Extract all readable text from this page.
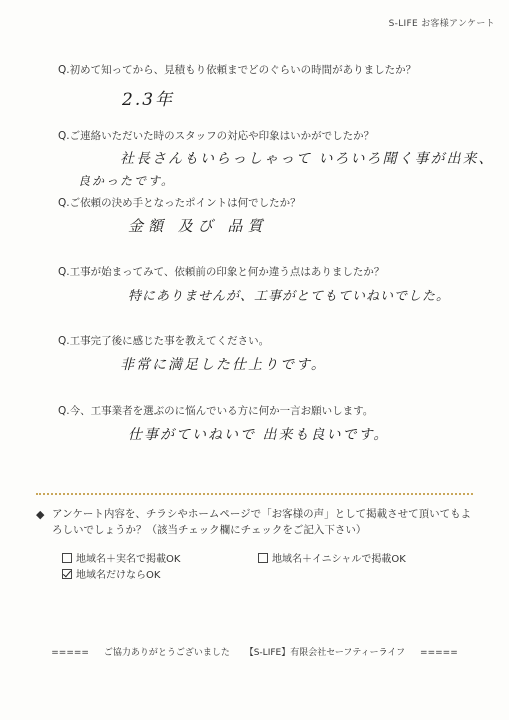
S-LIFE お客様アンケート
Q.初めて知ってから、見積もり依頼までどのぐらいの時間がありましたか？
2.3年
Q.ご連絡いただいた時のスタッフの対応や印象はいかがでしたか？
社長さんもいらっしゃって いろいろ聞く事が出来、
良かったです。
Q.ご依頼の決め手となったポイントは何でしたか？
金額 及び 品質
Q.工事が始まってみて、依頼前の印象と何か違う点はありましたか？
特にありませんが、工事がとてもていねいでした。
Q.工事完了後に感じた事を教えてください。
非常に満足した仕上りです。
Q.今、工事業者を選ぶのに悩んでいる方に何か一言お願いします。
仕事がていねいで 出来も良いです。
◆ アンケート内容を、チラシやホームページで「お客様の声」として掲載させて頂いてもよろしいでしょうか？（該当チェック欄にチェックをご記入下さい）
地域名＋実名で掲載OK	地域名＋イニシャルで掲載OK
地域名だけならOK
===== ご協力ありがとうございました 【S-LIFE】有限会社セーフティーライフ =====
